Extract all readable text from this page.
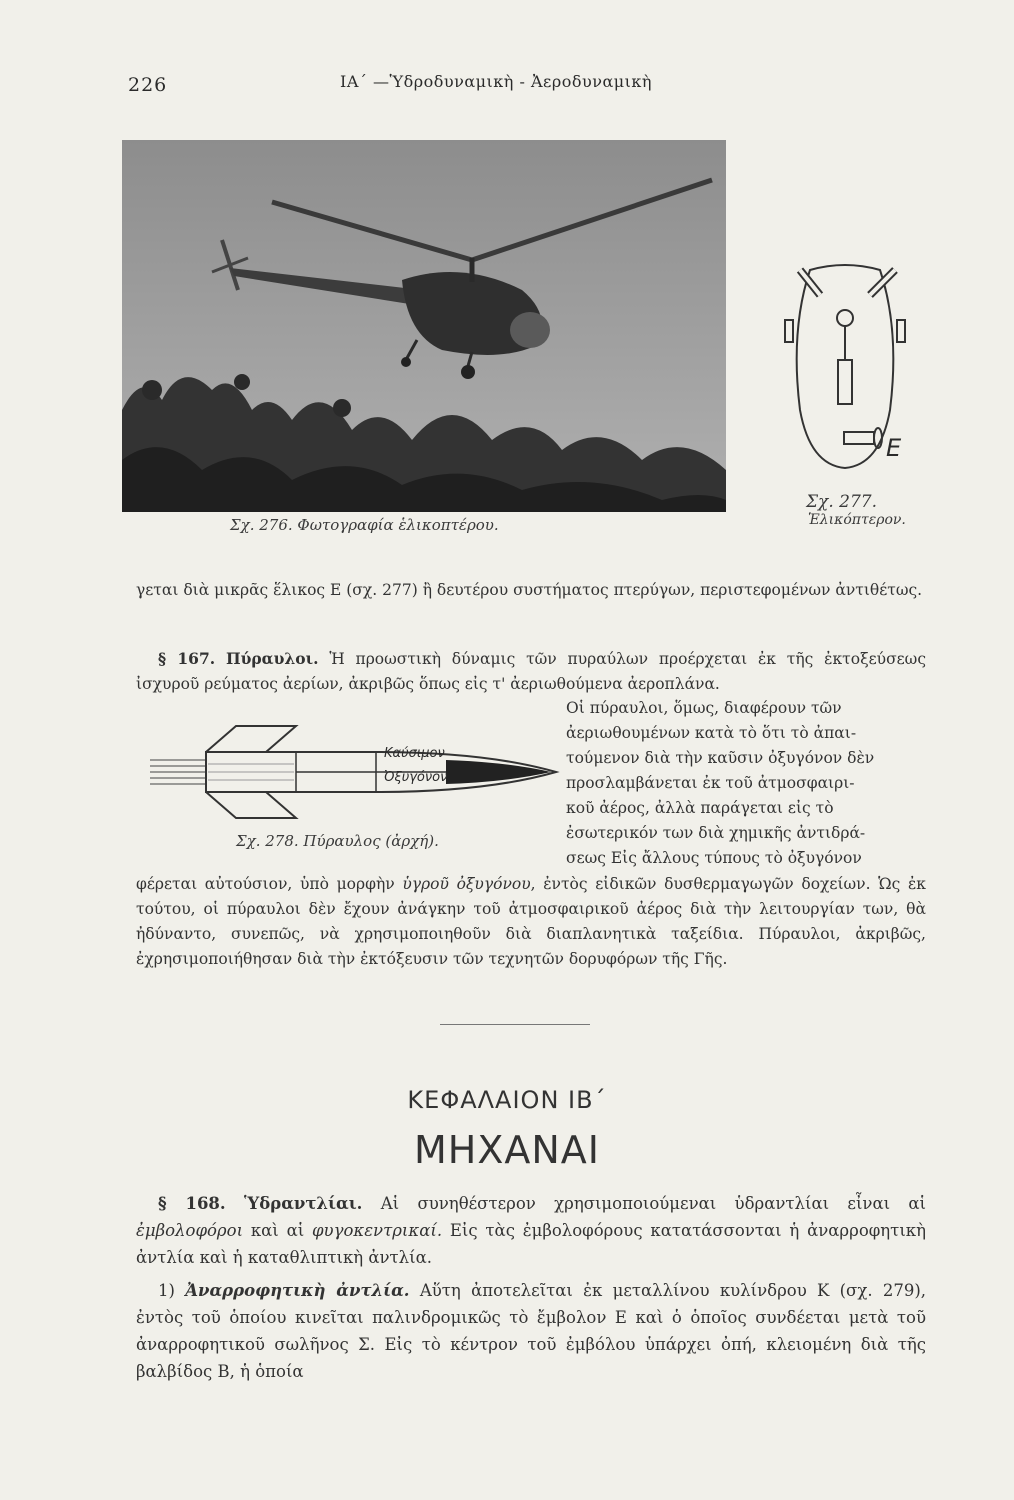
226	ΙΑ΄ —Ὑδροδυναμικὴ - Ἀεροδυναμικὴ
Σχ. 276. Φωτογραφία ἑλικοπτέρου.
E
Σχ. 277.
Ἑλικόπτερον.

γεται διὰ μικρᾶς ἕλικος Ε (σχ. 277) ἢ δευτέρου συστήματος πτερύγων, περιστεφομένων ἀντιθέτως.

§ 167. Πύραυλοι. Ἡ προωστικὴ δύναμις τῶν πυραύλων προέρχεται ἐκ τῆς ἐκτοξεύσεως ἰσχυροῦ ρεύματος ἀερίων, ἀκριβῶς ὅπως εἰς τ' ἀεριωθούμενα ἀεροπλάνα.

Καύσιμον
Ὀξυγόνον
Σχ. 278. Πύραυλος (ἀρχή).

Οἱ πύραυλοι, ὅμως, διαφέρουν τῶν

ἀεριωθουμένων κατὰ τὸ ὅτι τὸ ἀπαι-

τούμενον διὰ τὴν καῦσιν ὀξυγόνον δὲν

προσλαμβάνεται ἐκ τοῦ ἀτμοσφαιρι-

κοῦ ἀέρος, ἀλλὰ παράγεται εἰς τὸ

ἐσωτερικόν των διὰ χημικῆς ἀντιδρά-

σεως Εἰς ἄλλους τύπους τὸ ὀξυγόνον

φέρεται αὐτούσιον, ὑπὸ μορφὴν ὑγροῦ ὀξυγόνου, ἐντὸς εἰδικῶν δυσθερμαγωγῶν δοχείων. Ὡς ἐκ τούτου, οἱ πύραυλοι δὲν ἔχουν ἀνάγκην τοῦ ἀτμοσφαιρικοῦ ἀέρος διὰ τὴν λειτουργίαν των, θὰ ἠδύναντο, συνεπῶς, νὰ χρησιμοποιηθοῦν διὰ διαπλανητικὰ ταξείδια. Πύραυλοι, ἀκριβῶς, ἐχρησιμοποιήθησαν διὰ τὴν ἐκτόξευσιν τῶν τεχνητῶν δορυφόρων τῆς Γῆς.

ΚΕΦΑΛΑΙΟΝ ΙΒ΄
ΜΗΧΑΝΑΙ

§ 168. Ὑδραντλίαι. Αἱ συνηθέστερον χρησιμοποιούμεναι ὑδραντλίαι εἶναι αἱ ἐμβολοφόροι καὶ αἱ φυγοκεντρικαί. Εἰς τὰς ἐμβολοφόρους κατατάσσονται ἡ ἀναρροφητικὴ ἀντλία καὶ ἡ καταθλιπτικὴ ἀντλία.

1) Ἀναρροφητικὴ ἀντλία. Αὕτη ἀποτελεῖται ἐκ μεταλλίνου κυλίνδρου Κ (σχ. 279), ἐντὸς τοῦ ὁποίου κινεῖται παλινδρομικῶς τὸ ἔμβολον Ε καὶ ὁ ὁποῖος συνδέεται μετὰ τοῦ ἀναρροφητικοῦ σωλῆνος Σ. Εἰς τὸ κέντρον τοῦ ἐμβόλου ὑπάρχει ὀπή, κλειομένη διὰ τῆς βαλβίδος Β, ἡ ὁποία
